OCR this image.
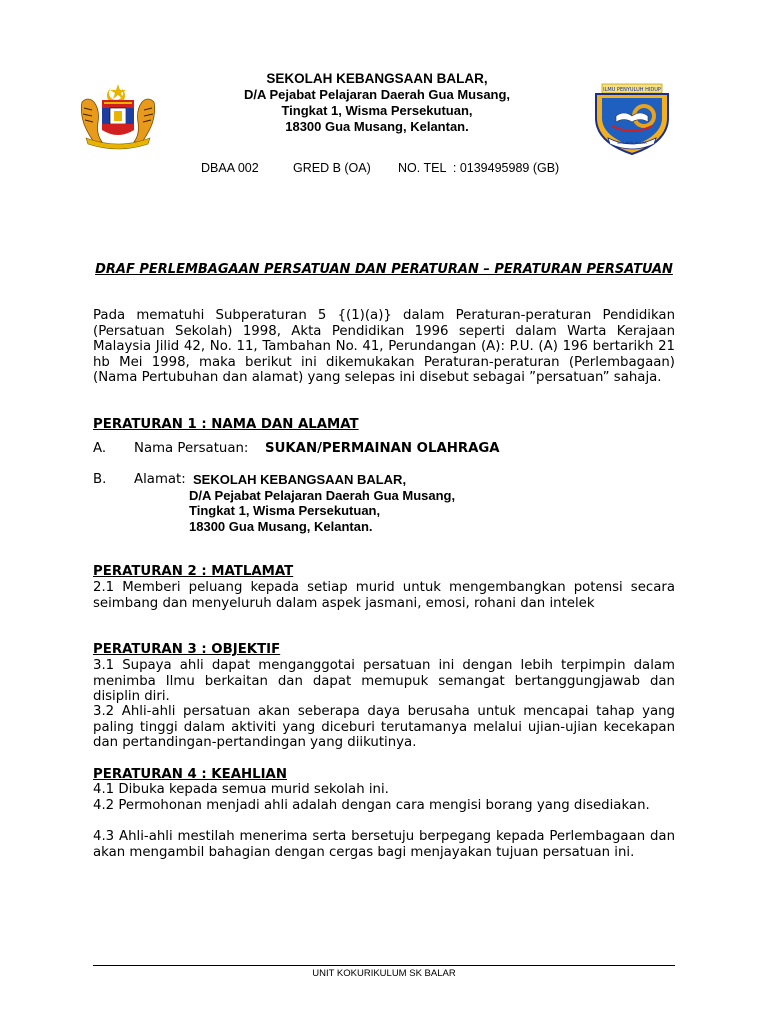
ILMU PENYULUH HIDUP
SEK. KEB. BALAR
SEKOLAH KEBANGSAAN BALAR,
D/A Pejabat Pelajaran Daerah Gua Musang,
Tingkat 1, Wisma Persekutuan,
18300 Gua Musang, Kelantan.
DBAA 002	GRED B (OA) NO. TEL  : 0139495989 (GB)
DRAF PERLEMBAGAAN PERSATUAN DAN PERATURAN – PERATURAN PERSATUAN
Pada mematuhi Subperaturan 5 {(1)(a)} dalam Peraturan-peraturan Pendidikan (Persatuan Sekolah) 1998, Akta Pendidikan 1996 seperti dalam Warta Kerajaan Malaysia Jilid 42, No. 11, Tambahan No. 41, Perundangan (A): P.U. (A) 196 bertarikh 21 hb Mei 1998, maka berikut ini dikemukakan Peraturan-peraturan (Perlembagaan) (Nama Pertubuhan dan alamat) yang selepas ini disebut sebagai ”persatuan” sahaja.
PERATURAN 1 : NAMA DAN ALAMAT
A. Nama Persatuan: SUKAN/PERMAINAN OLAHRAGA
B. Alamat: SEKOLAH KEBANGSAAN BALAR,
D/A Pejabat Pelajaran Daerah Gua Musang,
Tingkat 1, Wisma Persekutuan,
18300 Gua Musang, Kelantan.
PERATURAN 2 : MATLAMAT
2.1 Memberi peluang kepada setiap murid untuk mengembangkan potensi secara seimbang dan menyeluruh dalam aspek jasmani, emosi, rohani dan intelek
PERATURAN 3 : OBJEKTIF
3.1 Supaya ahli dapat menganggotai persatuan ini dengan lebih terpimpin dalam menimba Ilmu berkaitan dan dapat memupuk semangat bertanggungjawab dan disiplin diri.
3.2 Ahli-ahli persatuan akan seberapa daya berusaha untuk mencapai tahap yang paling tinggi dalam aktiviti yang diceburi terutamanya melalui ujian-ujian kecekapan dan pertandingan-pertandingan yang diikutinya.
PERATURAN 4 : KEAHLIAN
4.1 Dibuka kepada semua murid sekolah ini.
4.2 Permohonan menjadi ahli adalah dengan cara mengisi borang yang disediakan.
4.3 Ahli-ahli mestilah menerima serta bersetuju berpegang kepada Perlembagaan dan akan mengambil bahagian dengan cergas bagi menjayakan tujuan persatuan ini.
UNIT KOKURIKULUM SK BALAR
